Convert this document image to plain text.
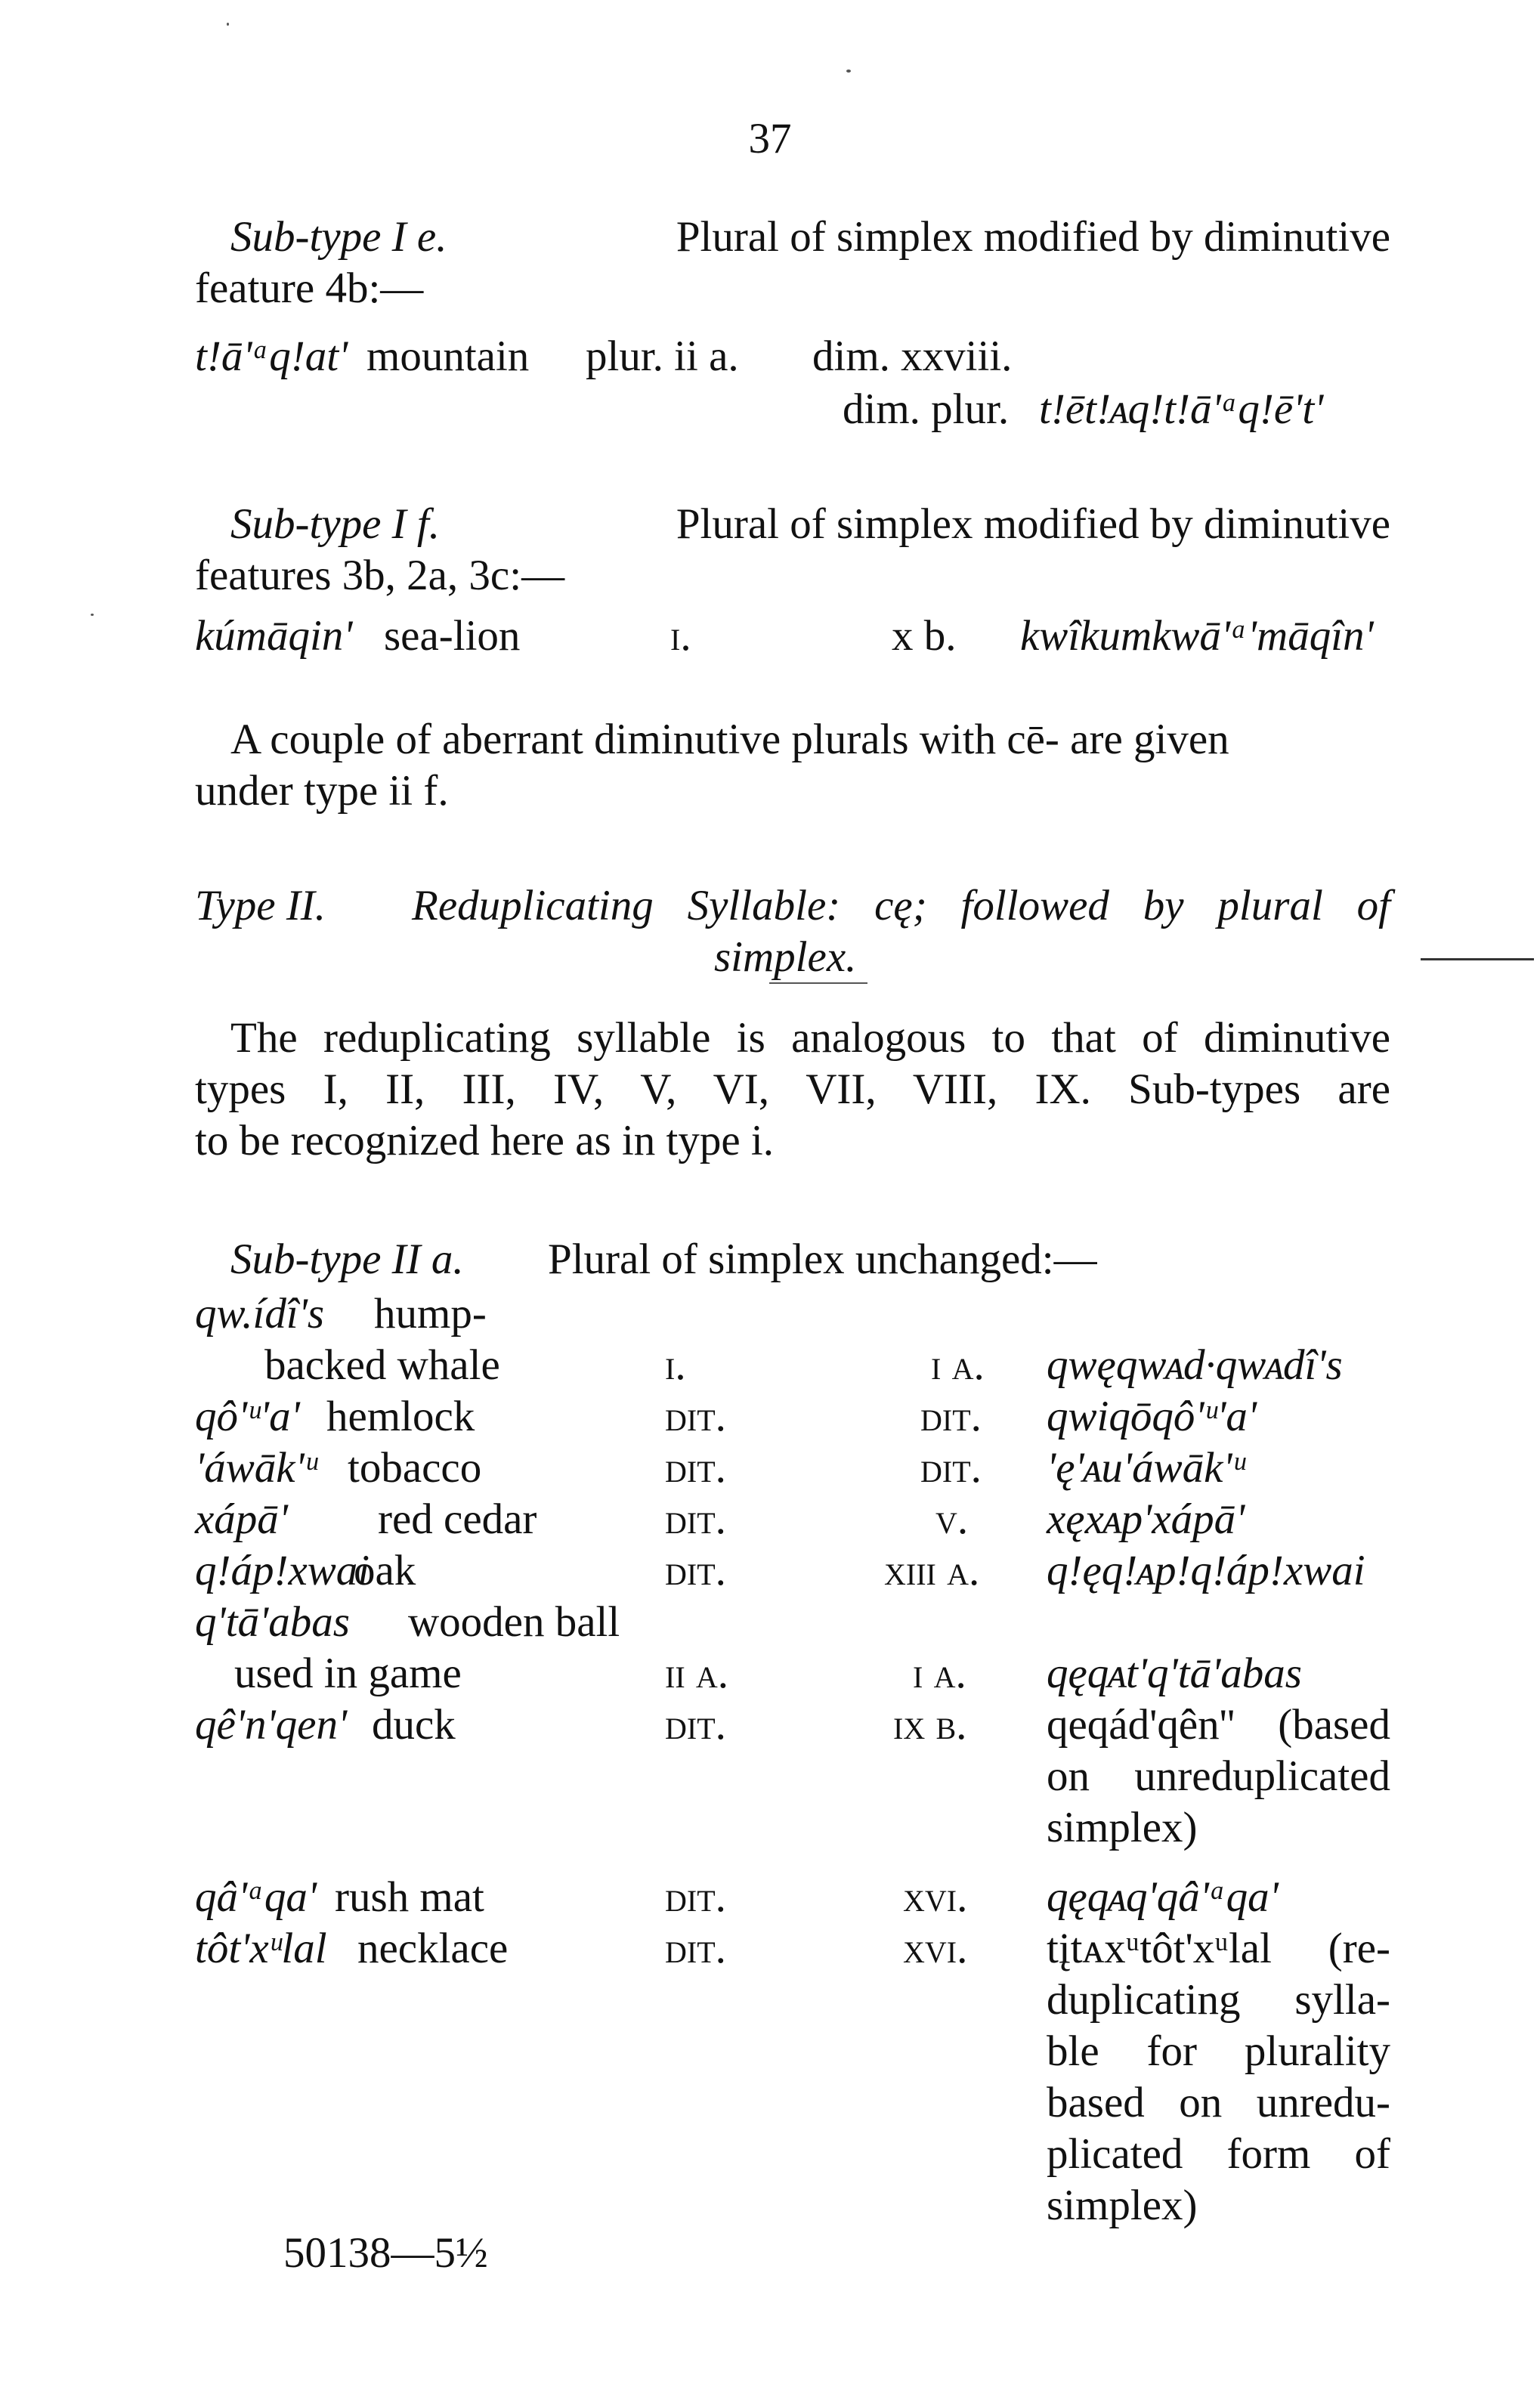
37
Sub-type I e.	Plural of simplex modified by diminutive
feature 4b:—
t!ā'ᵃq!at' mountain plur. ii a. dim. xxviii.
dim. plur. t!ēt!ᴀq!t!ā'ᵃq!ē't'
Sub-type I f.	Plural of simplex modified by diminutive
features 3b, 2a, 3c:—
kúmāqin' sea-lion	i.	x b. kwîkumkwā'ᵃ'māqîn'
A couple of aberrant diminutive plurals with cē- are given
under type ii f.
Type II. Reduplicating Syllable: cę; followed by plural of
simplex.
The reduplicating syllable is analogous to that of diminutive
types I, II, III, IV, V, VI, VII, VIII, IX. Sub-types are
to be recognized here as in type i.
Sub-type II a. Plural of simplex unchanged:—
qw.ídî's hump-
backed whale	i.	i a. qwęqwᴀd·qwᴀdî's
qô'ᵘ'a' hemlock	dit.	dit. qwiqōqô'ᵘ'a'
'áwāk'ᵘ tobacco	dit.	dit. 'ę'ᴀu'áwāk'ᵘ
xápā' red cedar	dit.	v. xęxᴀp'xápā'
q!áp!xwai
oak	dit.	xiii a. q!ęq!ᴀp!q!áp!xwai
q'tā'abas wooden ball
used in game	ii a.	i a. qęqᴀt'q'tā'abas
qê'n'qen' duck	dit.	ix b. qeqád'qên'' (based
on unreduplicated
simplex)
qâ'ᵃqa' rush mat	dit.	xvi. qęqᴀq'qâ'ᵃqa'
tôt'xᵘlal necklace	dit.	xvi. tįtᴀxᵘtôt'xᵘlal (re-
duplicating sylla-
ble for plurality
based on unredu-
plicated form of
simplex)
50138—5½
